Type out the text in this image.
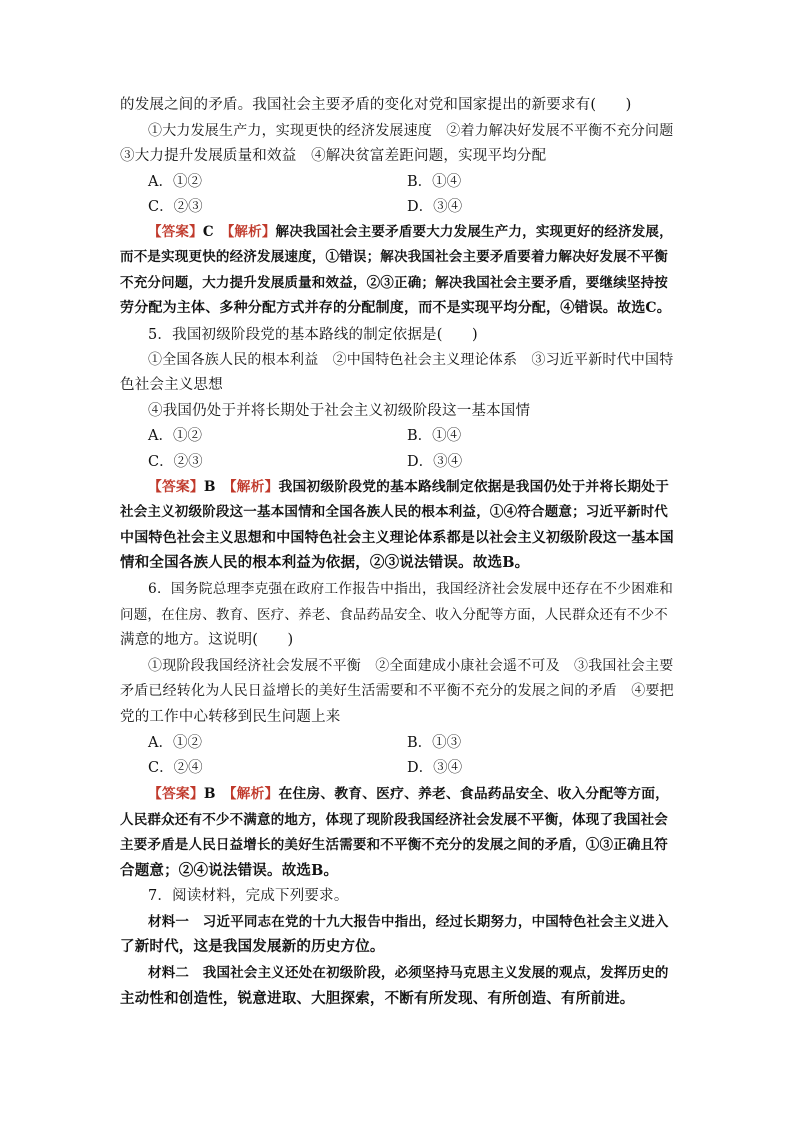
的发展之间的矛盾。我国社会主要矛盾的变化对党和国家提出的新要求有(　　)
①大力发展生产力，实现更快的经济发展速度　②着力解决好发展不平衡不充分问题
③大力提升发展质量和效益　④解决贫富差距问题，实现平均分配
A．①②	B．①④
C．②③	D．③④
【答案】C　 【解析】解决我国社会主要矛盾要大力发展生产力，实现更好的经济发展，
而不是实现更快的经济发展速度，①错误；解决我国社会主要矛盾要着力解决好发展不平衡
不充分问题，大力提升发展质量和效益，②③正确；解决我国社会主要矛盾，要继续坚持按
劳分配为主体、多种分配方式并存的分配制度，而不是实现平均分配，④错误。故选C。
5．我国初级阶段党的基本路线的制定依据是(　　)
①全国各族人民的根本利益　②中国特色社会主义理论体系　③习近平新时代中国特
色社会主义思想
④我国仍处于并将长期处于社会主义初级阶段这一基本国情
A．①②	B．①④
C．②③	D．③④
【答案】B　 【解析】我国初级阶段党的基本路线制定依据是我国仍处于并将长期处于
社会主义初级阶段这一基本国情和全国各族人民的根本利益，①④符合题意；习近平新时代
中国特色社会主义思想和中国特色社会主义理论体系都是以社会主义初级阶段这一基本国
情和全国各族人民的根本利益为依据，②③说法错误。故选B。
6．国务院总理李克强在政府工作报告中指出，我国经济社会发展中还存在不少困难和
问题，在住房、教育、医疗、养老、食品药品安全、收入分配等方面，人民群众还有不少不
满意的地方。这说明(　　)
①现阶段我国经济社会发展不平衡　②全面建成小康社会遥不可及　③我国社会主要
矛盾已经转化为人民日益增长的美好生活需要和不平衡不充分的发展之间的矛盾　④要把
党的工作中心转移到民生问题上来
A．①②	B．①③
C．②④	D．③④
【答案】B　 【解析】在住房、教育、医疗、养老、食品药品安全、收入分配等方面，
人民群众还有不少不满意的地方，体现了现阶段我国经济社会发展不平衡，体现了我国社会
主要矛盾是人民日益增长的美好生活需要和不平衡不充分的发展之间的矛盾，①③正确且符
合题意；②④说法错误。故选B。
7．阅读材料，完成下列要求。
材料一　习近平同志在党的十九大报告中指出，经过长期努力，中国特色社会主义进入
了新时代，这是我国发展新的历史方位。
材料二　我国社会主义还处在初级阶段，必须坚持马克思主义发展的观点，发挥历史的
主动性和创造性，锐意进取、大胆探索，不断有所发现、有所创造、有所前进。
